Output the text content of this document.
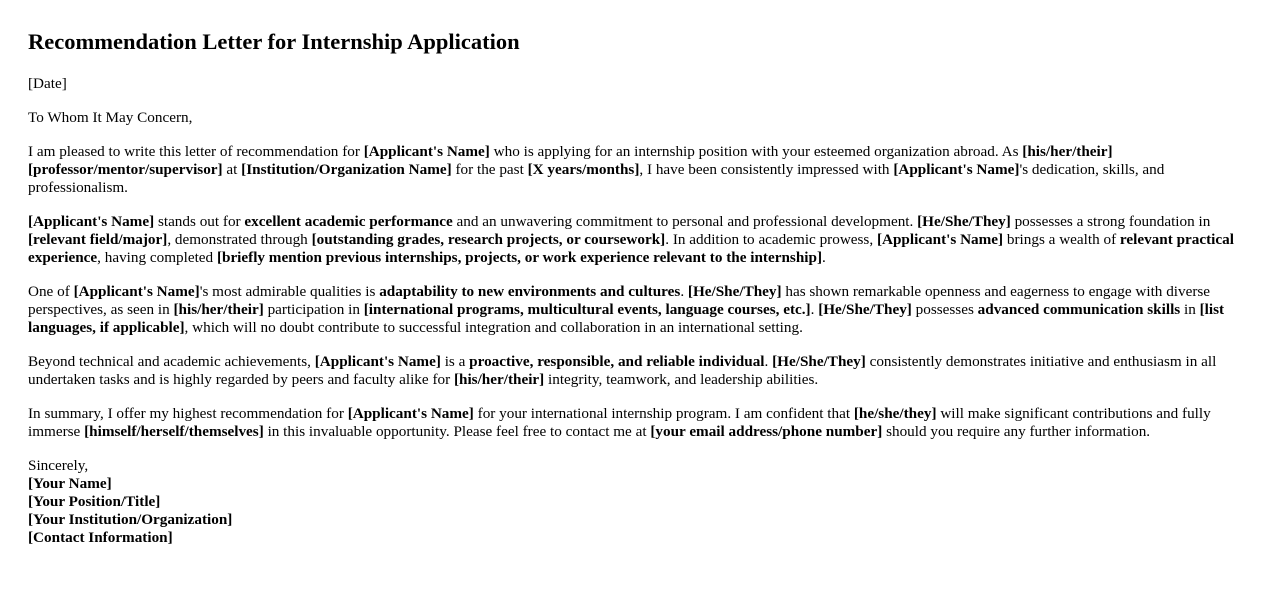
Recommendation Letter for Internship Application

[Date]

To Whom It May Concern,

I am pleased to write this letter of recommendation for [Applicant's Name] who is applying for an internship position with your esteemed organization abroad. As [his/her/their] [professor/mentor/supervisor] at [Institution/Organization Name] for the past [X years/months], I have been consistently impressed with [Applicant's Name]'s dedication, skills, and professionalism.

[Applicant's Name] stands out for excellent academic performance and an unwavering commitment to personal and professional development. [He/She/They] possesses a strong foundation in [relevant field/major], demonstrated through [outstanding grades, research projects, or coursework]. In addition to academic prowess, [Applicant's Name] brings a wealth of relevant practical experience, having completed [briefly mention previous internships, projects, or work experience relevant to the internship].

One of [Applicant's Name]'s most admirable qualities is adaptability to new environments and cultures. [He/She/They] has shown remarkable openness and eagerness to engage with diverse perspectives, as seen in [his/her/their] participation in [international programs, multicultural events, language courses, etc.]. [He/She/They] possesses advanced communication skills in [list languages, if applicable], which will no doubt contribute to successful integration and collaboration in an international setting.

Beyond technical and academic achievements, [Applicant's Name] is a proactive, responsible, and reliable individual. [He/She/They] consistently demonstrates initiative and enthusiasm in all undertaken tasks and is highly regarded by peers and faculty alike for [his/her/their] integrity, teamwork, and leadership abilities.

In summary, I offer my highest recommendation for [Applicant's Name] for your international internship program. I am confident that [he/she/they] will make significant contributions and fully immerse [himself/herself/themselves] in this invaluable opportunity. Please feel free to contact me at [your email address/phone number] should you require any further information.

Sincerely,

[Your Name]

[Your Position/Title]

[Your Institution/Organization]

[Contact Information]
